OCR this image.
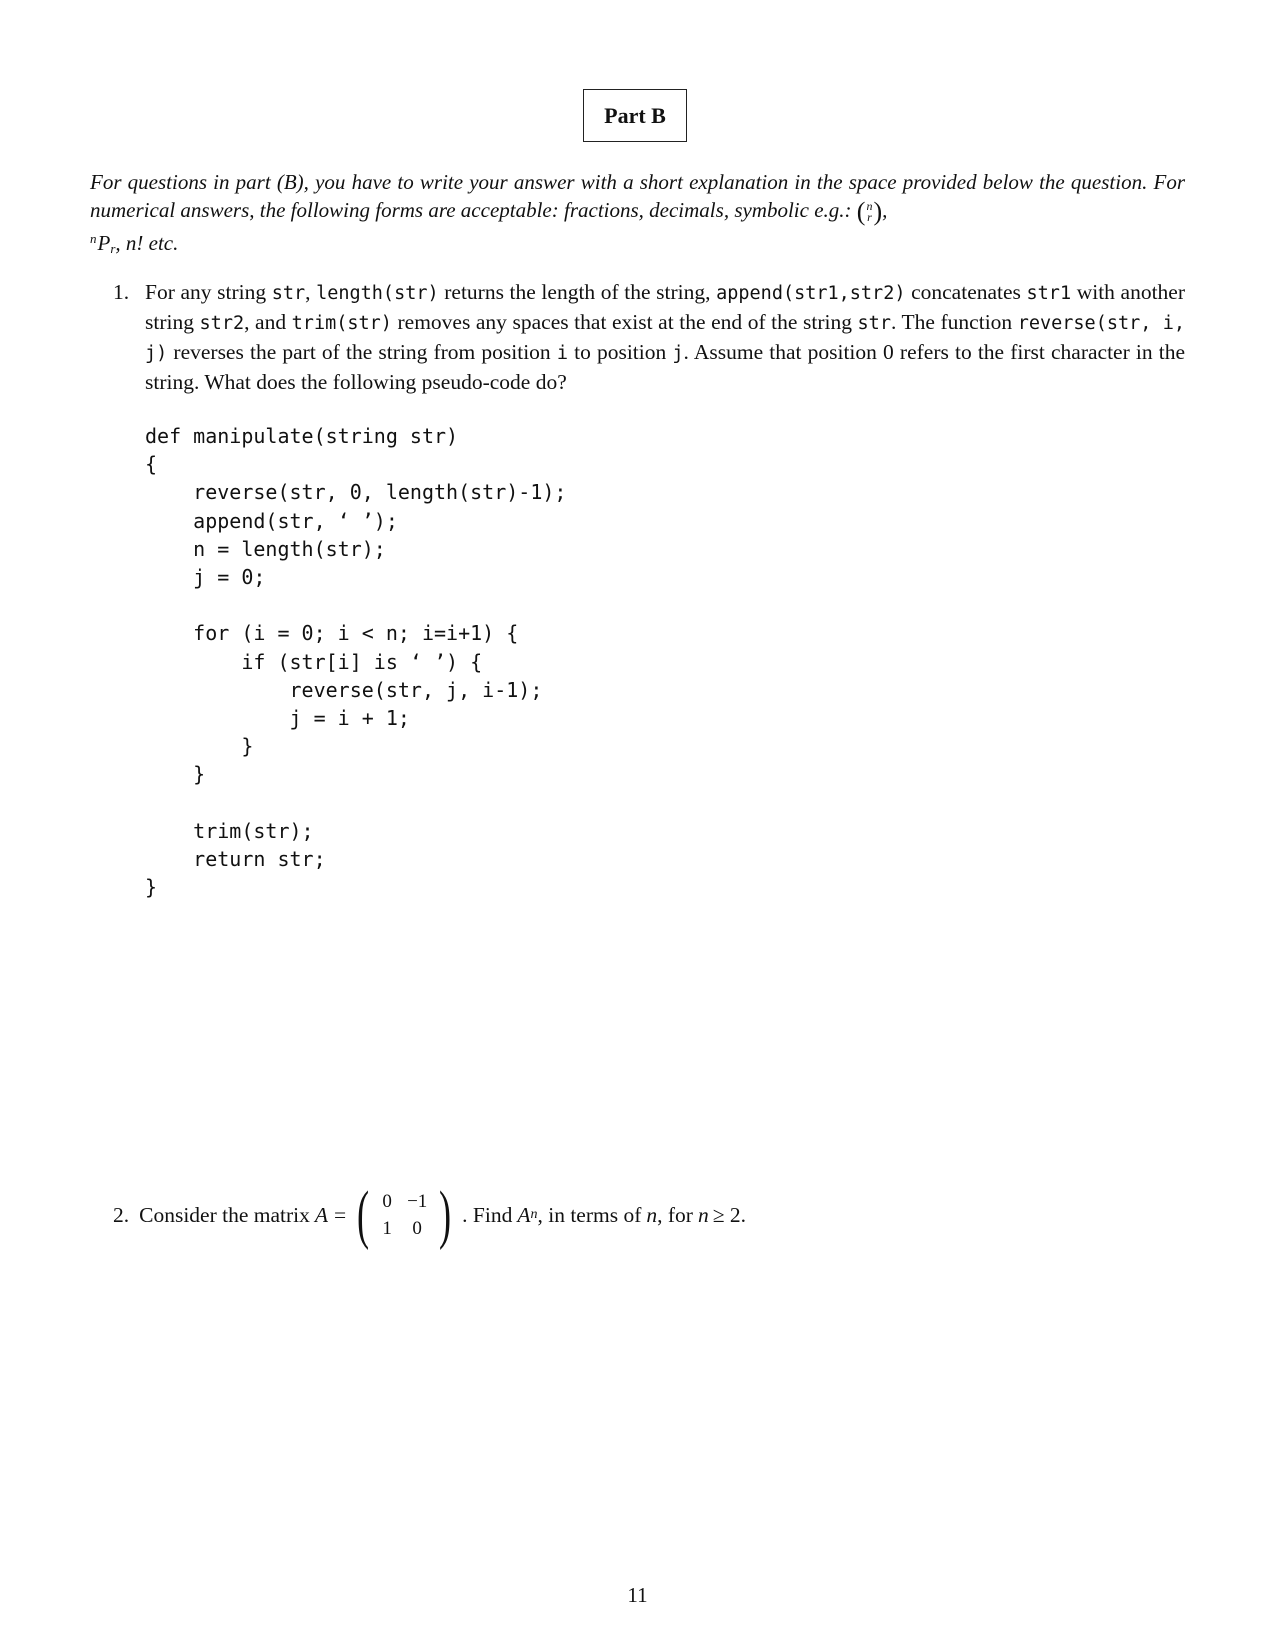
Part B
For questions in part (B), you have to write your answer with a short explanation in the space provided below the question. For numerical answers, the following forms are acceptable: fractions, decimals, symbolic e.g.: ( n
r ) ,
$^nP_r$, n! etc.
1. For any string str, length(str) returns the length of the string, append(str1,str2) concatenates str1 with another string str2, and trim(str) removes any spaces that exist at the end of the string str. The function reverse(str, i, j) reverses the part of the string from position i to position j. Assume that position 0 refers to the first character in the string. What does the following pseudo-code do?
def manipulate(string str)
{
reverse(str, 0, length(str)-1);
append(str, ‘ ’);
n = length(str);
j = 0;

for (i = 0; i < n; i=i+1) {
if (str[i] is ‘ ’) {
reverse(str, j, i-1);
j = i + 1;
}
}

trim(str);
return str;
}
2. Consider the matrix A = ( 0 −1
1	0 ) . Find A n , in terms of n , for n ≥ 2.
11
